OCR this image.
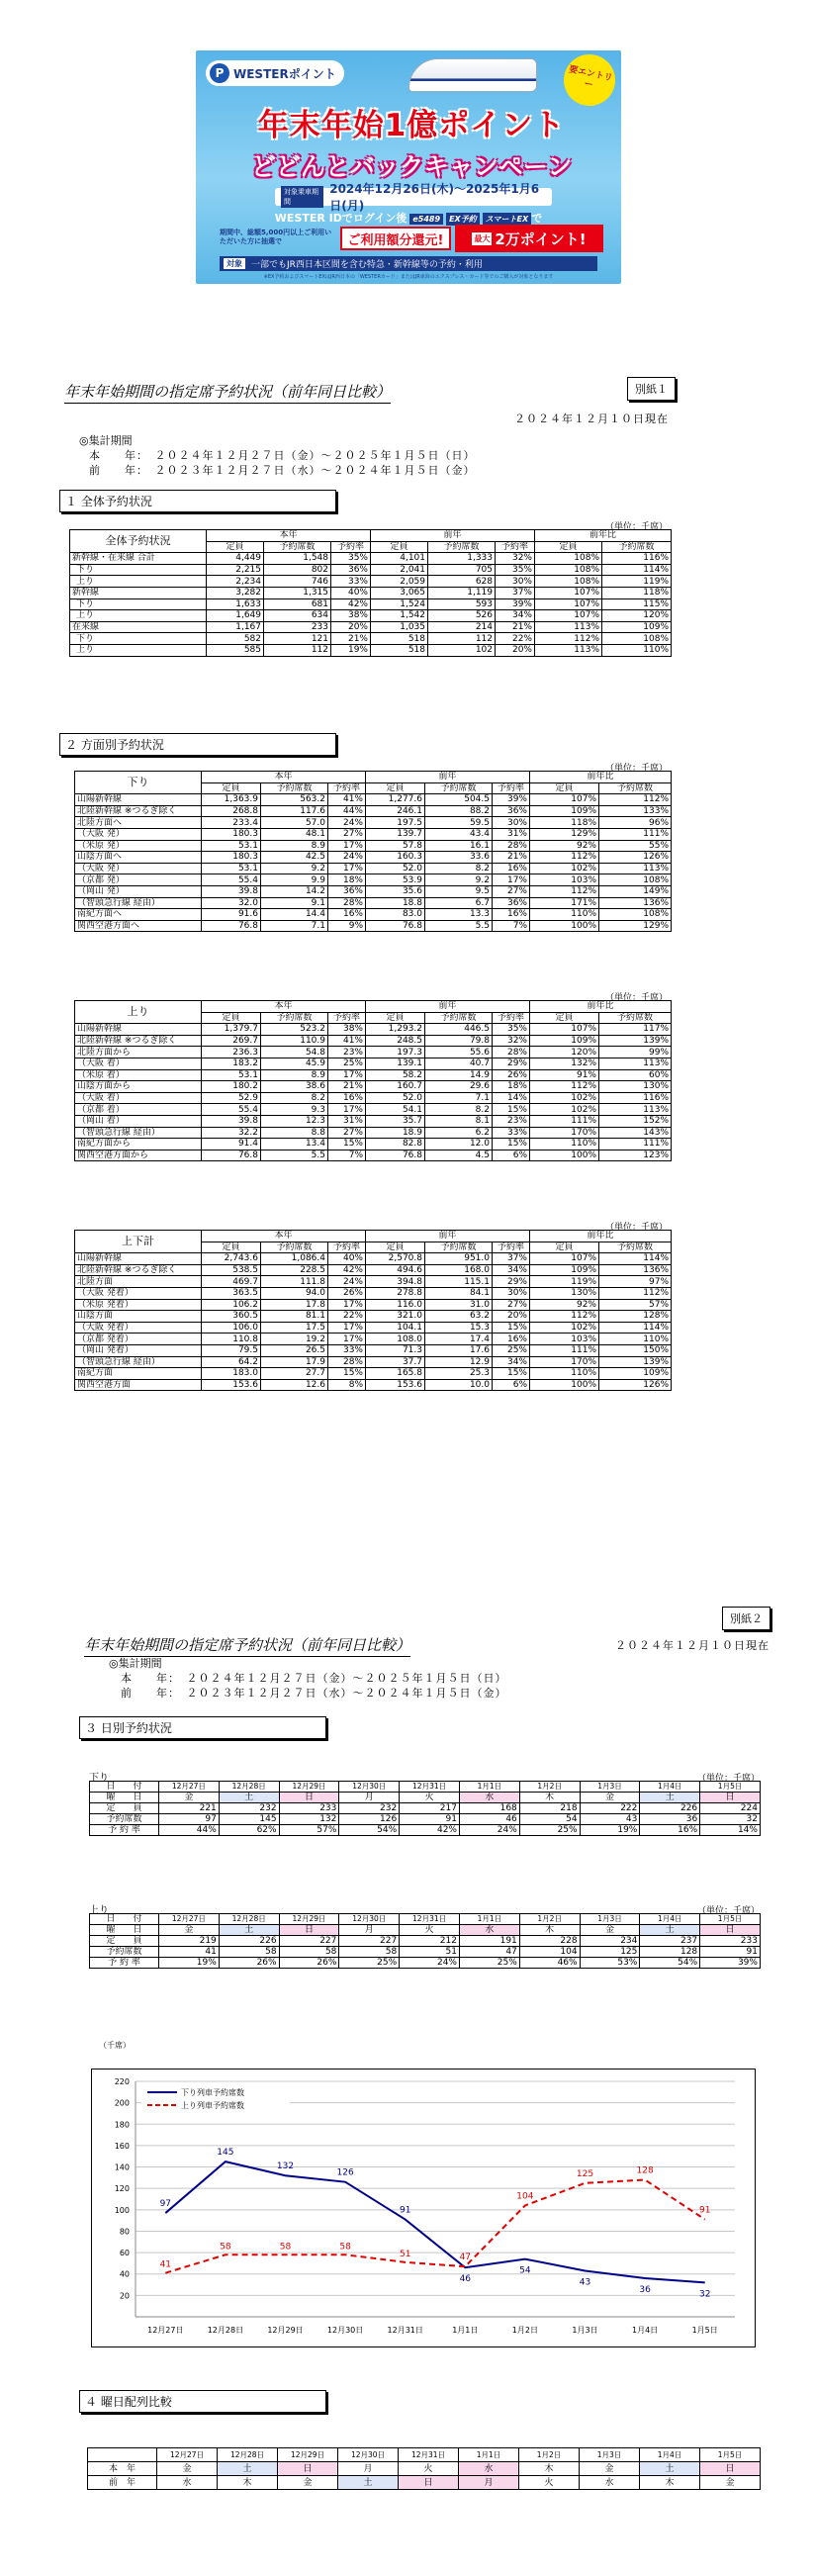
P WESTERポイント	要エントリー
年末年始1億ポイント
どどんとバックキャンペーン
対象乗車期間
2024年12月26日(木)～2025年1月6日(月)
WESTER IDでログイン後 e5489 EX予約 スマートEX で
期間中、総額5,000円以上ご利用いただいた方に抽選で	ご利用額分還元!	最大 2万ポイント!
対象	一部でもJR西日本区間を含む特急・新幹線等の予約・利用
※EX予約およびスマートEXはJR西日本の「WESTERカード」またはJR東海のエクスプレス・カード等でのご購入が対象となります
年末年始期間の指定席予約状況（前年同日比較）	別紙１
２０２４年１２月１０日現在
◎集計期間
本　　年：　２０２４年１２月２７日（金）～２０２５年１月５日（日）
前　　年：　２０２３年１２月２７日（水）～２０２４年１月５日（金）
１ 全体予約状況
（単位：千席）
全体予約状況	本年			前年			前年比	
	定員	予約席数	予約率	定員	予約席数	予約率	定員	予約席数
新幹線・在来線 合計	4,449	1,548	35%	4,101	1,333	32%	108%	116%
下り	2,215	802	36%	2,041	705	35%	108%	114%
上り	2,234	746	33%	2,059	628	30%	108%	119%
新幹線	3,282	1,315	40%	3,065	1,119	37%	107%	118%
下り	1,633	681	42%	1,524	593	39%	107%	115%
上り	1,649	634	38%	1,542	526	34%	107%	120%
在来線	1,167	233	20%	1,035	214	21%	113%	109%
下り	582	121	21%	518	112	22%	112%	108%
上り	585	112	19%	518	102	20%	113%	110%
２ 方面別予約状況
（単位：千席）
下り	本年			前年			前年比	
	定員	予約席数	予約率	定員	予約席数	予約率	定員	予約席数
山陽新幹線	1,363.9	563.2	41%	1,277.6	504.5	39%	107%	112%
北陸新幹線 ※つるぎ除く	268.8	117.6	44%	246.1	88.2	36%	109%	133%
北陸方面へ	233.4	57.0	24%	197.5	59.5	30%	118%	96%
（大阪 発）	180.3	48.1	27%	139.7	43.4	31%	129%	111%
（米原 発）	53.1	8.9	17%	57.8	16.1	28%	92%	55%
山陰方面へ	180.3	42.5	24%	160.3	33.6	21%	112%	126%
（大阪 発）	53.1	9.2	17%	52.0	8.2	16%	102%	113%
（京都 発）	55.4	9.9	18%	53.9	9.2	17%	103%	108%
（岡山 発）	39.8	14.2	36%	35.6	9.5	27%	112%	149%
（智頭急行線 経由）	32.0	9.1	28%	18.8	6.7	36%	171%	136%
南紀方面へ	91.6	14.4	16%	83.0	13.3	16%	110%	108%
関西空港方面へ	76.8	7.1	9%	76.8	5.5	7%	100%	129%
（単位：千席）
上り	本年			前年			前年比	
	定員	予約席数	予約率	定員	予約席数	予約率	定員	予約席数
山陽新幹線	1,379.7	523.2	38%	1,293.2	446.5	35%	107%	117%
北陸新幹線 ※つるぎ除く	269.7	110.9	41%	248.5	79.8	32%	109%	139%
北陸方面から	236.3	54.8	23%	197.3	55.6	28%	120%	99%
（大阪 着）	183.2	45.9	25%	139.1	40.7	29%	132%	113%
（米原 着）	53.1	8.9	17%	58.2	14.9	26%	91%	60%
山陰方面から	180.2	38.6	21%	160.7	29.6	18%	112%	130%
（大阪 着）	52.9	8.2	16%	52.0	7.1	14%	102%	116%
（京都 着）	55.4	9.3	17%	54.1	8.2	15%	102%	113%
（岡山 着）	39.8	12.3	31%	35.7	8.1	23%	111%	152%
（智頭急行線 経由）	32.2	8.8	27%	18.9	6.2	33%	170%	143%
南紀方面から	91.4	13.4	15%	82.8	12.0	15%	110%	111%
関西空港方面から	76.8	5.5	7%	76.8	4.5	6%	100%	123%
（単位：千席）
上下計	本年			前年			前年比	
	定員	予約席数	予約率	定員	予約席数	予約率	定員	予約席数
山陽新幹線	2,743.6	1,086.4	40%	2,570.8	951.0	37%	107%	114%
北陸新幹線 ※つるぎ除く	538.5	228.5	42%	494.6	168.0	34%	109%	136%
北陸方面	469.7	111.8	24%	394.8	115.1	29%	119%	97%
（大阪 発着）	363.5	94.0	26%	278.8	84.1	30%	130%	112%
（米原 発着）	106.2	17.8	17%	116.0	31.0	27%	92%	57%
山陰方面	360.5	81.1	22%	321.0	63.2	20%	112%	128%
（大阪 発着）	106.0	17.5	17%	104.1	15.3	15%	102%	114%
（京都 発着）	110.8	19.2	17%	108.0	17.4	16%	103%	110%
（岡山 発着）	79.5	26.5	33%	71.3	17.6	25%	111%	150%
（智頭急行線 経由）	64.2	17.9	28%	37.7	12.9	34%	170%	139%
南紀方面	183.0	27.7	15%	165.8	25.3	15%	110%	109%
関西空港方面	153.6	12.6	8%	153.6	10.0	6%	100%	126%
年末年始期間の指定席予約状況（前年同日比較）
別紙２
２０２４年１２月１０日現在
◎集計期間
本　　年：　２０２４年１２月２７日（金）～２０２５年１月５日（日）
前　　年：　２０２３年１２月２７日（水）～２０２４年１月５日（金）
３ 日別予約状況
下り	（単位：千席）
日　　付	12月27日	12月28日	12月29日	12月30日	12月31日	1月1日	1月2日	1月3日	1月4日	1月5日
曜　　日	金	土	日	月	火	水	木	金	土	日
定　　員	221	232	233	232	217	168	218	222	226	224
予約席数	97	145	132	126	91	46	54	43	36	32
予 約 率	44%	62%	57%	54%	42%	24%	25%	19%	16%	14%
上り	（単位：千席）
日　　付	12月27日	12月28日	12月29日	12月30日	12月31日	1月1日	1月2日	1月3日	1月4日	1月5日
曜　　日	金	土	日	月	火	水	木	金	土	日
定　　員	219	226	227	227	212	191	228	234	237	233
予約席数	41	58	58	58	51	47	104	125	128	91
予 約 率	19%	26%	26%	25%	24%	25%	46%	53%	54%	39%
（千席）
20
40
60
80
100
120
140
160
180
200
220
12月27日	12月28日	12月29日	12月30日	12月31日	1月1日	1月2日	1月3日	1月4日	1月5日
97
145
132
126
91
46
54
43
36	32
41
58	58	58
51	47
104
125	128
91
下り列車予約席数
上り列車予約席数
４ 曜日配列比較
	12月27日	12月28日	12月29日	12月30日	12月31日	1月1日	1月2日	1月3日	1月4日	1月5日
本　年	金	土	日	月	火	水	木	金	土	日
前　年	水	木	金	土	日	月	火	水	木	金
